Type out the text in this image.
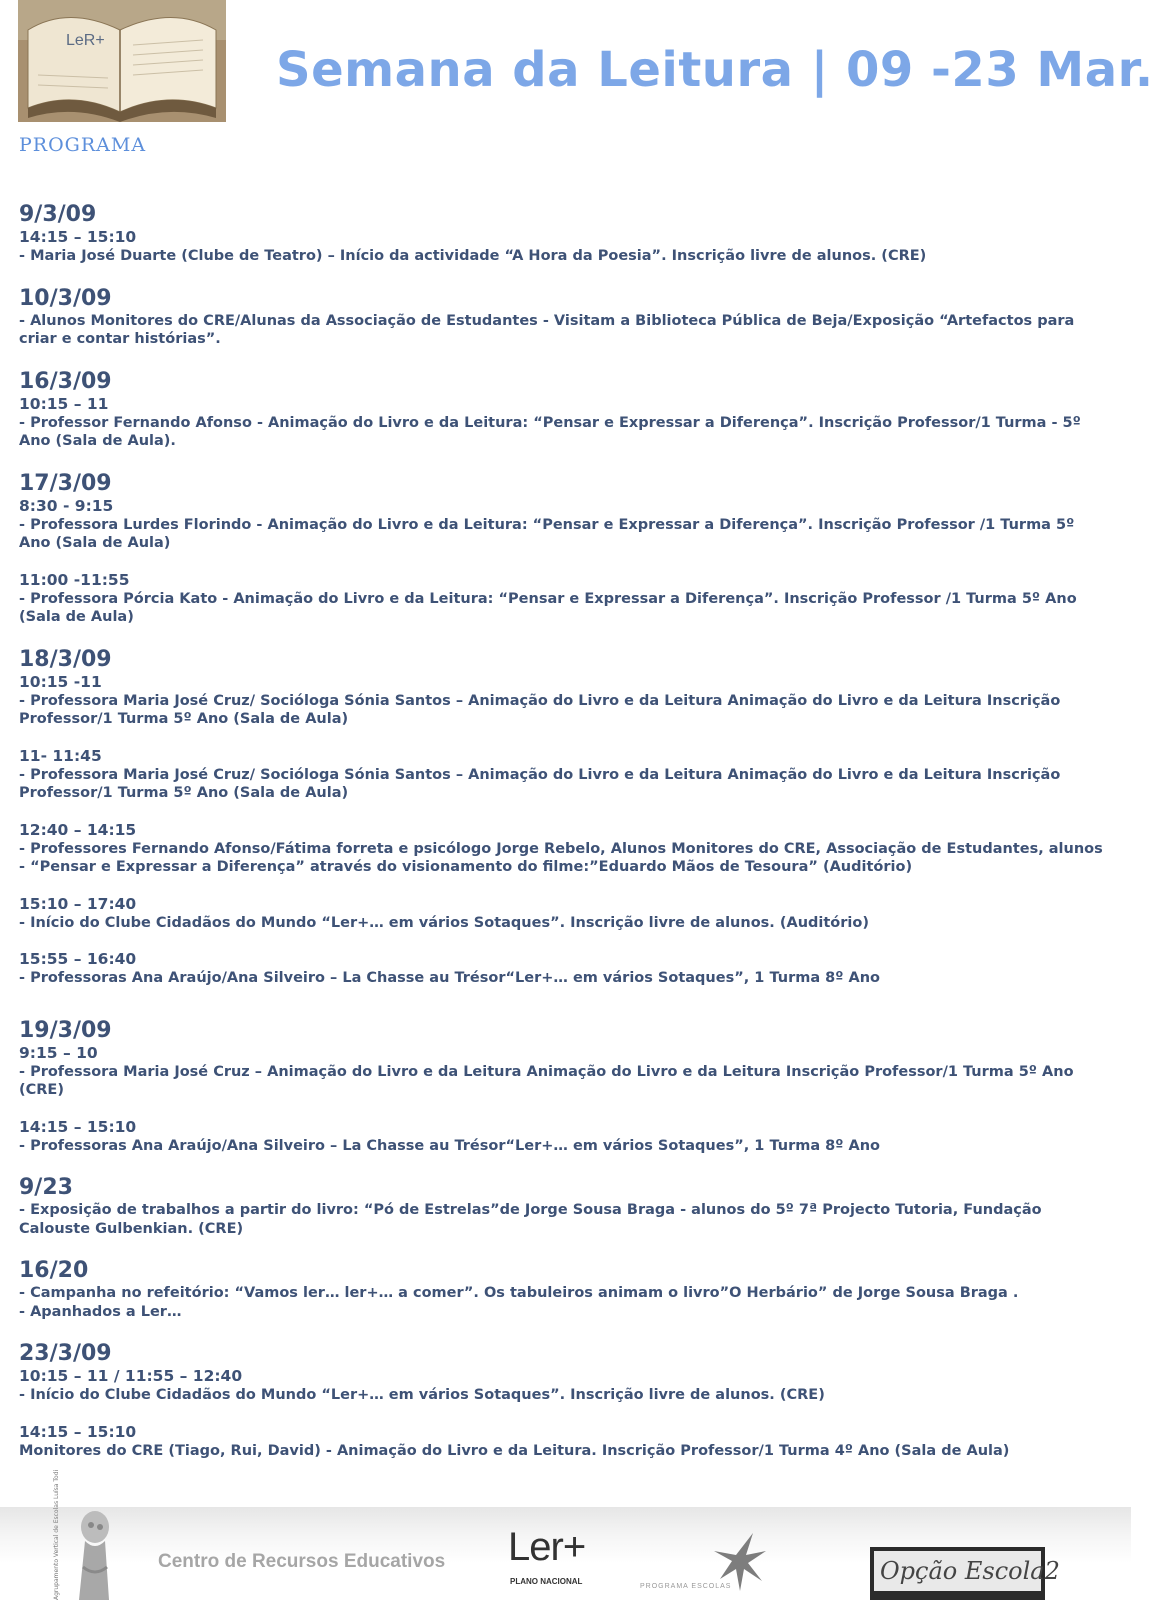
LeR+
Semana da Leitura | 09 -23 Mar.
PROGRAMA
9/3/09
14:15 – 15:10
- Maria José Duarte (Clube de Teatro) – Início da actividade “A Hora da Poesia”. Inscrição livre de alunos. (CRE)
10/3/09
- Alunos Monitores do CRE/Alunas da Associação de Estudantes - Visitam a Biblioteca Pública de Beja/Exposição “Artefactos para criar e contar histórias”.
16/3/09
10:15 – 11
- Professor Fernando Afonso - Animação do Livro e da Leitura: “Pensar e Expressar a Diferença”. Inscrição Professor/1 Turma - 5º Ano (Sala de Aula).
17/3/09
8:30 - 9:15
- Professora Lurdes Florindo - Animação do Livro e da Leitura: “Pensar e Expressar a Diferença”. Inscrição Professor /1 Turma 5º Ano (Sala de Aula)
11:00 -11:55
- Professora Pórcia Kato - Animação do Livro e da Leitura: “Pensar e Expressar a Diferença”. Inscrição Professor /1 Turma 5º Ano (Sala de Aula)
18/3/09
10:15 -11
- Professora Maria José Cruz/ Socióloga Sónia Santos – Animação do Livro e da Leitura Animação do Livro e da Leitura Inscrição Professor/1 Turma 5º Ano (Sala de Aula)
11- 11:45
- Professora Maria José Cruz/ Socióloga Sónia Santos – Animação do Livro e da Leitura Animação do Livro e da Leitura Inscrição Professor/1 Turma 5º Ano (Sala de Aula)
12:40 – 14:15
- Professores Fernando Afonso/Fátima forreta e psicólogo Jorge Rebelo, Alunos Monitores do CRE, Associação de Estudantes, alunos - “Pensar e Expressar a Diferença” através do visionamento do filme:”Eduardo Mãos de Tesoura” (Auditório)
15:10 – 17:40
- Início do Clube Cidadãos do Mundo “Ler+… em vários Sotaques”. Inscrição livre de alunos. (Auditório)
15:55 – 16:40
- Professoras Ana Araújo/Ana Silveiro – La Chasse au Trésor“Ler+… em vários Sotaques”, 1 Turma 8º Ano
19/3/09
9:15 – 10
- Professora Maria José Cruz – Animação do Livro e da Leitura Animação do Livro e da Leitura Inscrição Professor/1 Turma 5º Ano (CRE)
14:15 – 15:10
- Professoras Ana Araújo/Ana Silveiro – La Chasse au Trésor“Ler+… em vários Sotaques”, 1 Turma 8º Ano
9/23
- Exposição de trabalhos a partir do livro: “Pó de Estrelas”de Jorge Sousa Braga - alunos do 5º 7ª Projecto Tutoria, Fundação Calouste Gulbenkian. (CRE)
16/20
- Campanha no refeitório: “Vamos ler… ler+… a comer”. Os tabuleiros animam o livro”O Herbário” de Jorge Sousa Braga .
- Apanhados a Ler…
23/3/09
10:15 – 11 / 11:55 – 12:40
- Início do Clube Cidadãos do Mundo “Ler+… em vários Sotaques”. Inscrição livre de alunos. (CRE)
14:15 – 15:10
Monitores do CRE (Tiago, Rui, David) - Animação do Livro e da Leitura. Inscrição Professor/1 Turma 4º Ano (Sala de Aula)
Agrupamento Vertical de Escolas Luísa Todi	Centro de Recursos Educativos Ler+
PLANO NACIONAL
PROGRAMA ESCOLAS
Opção Escola2
